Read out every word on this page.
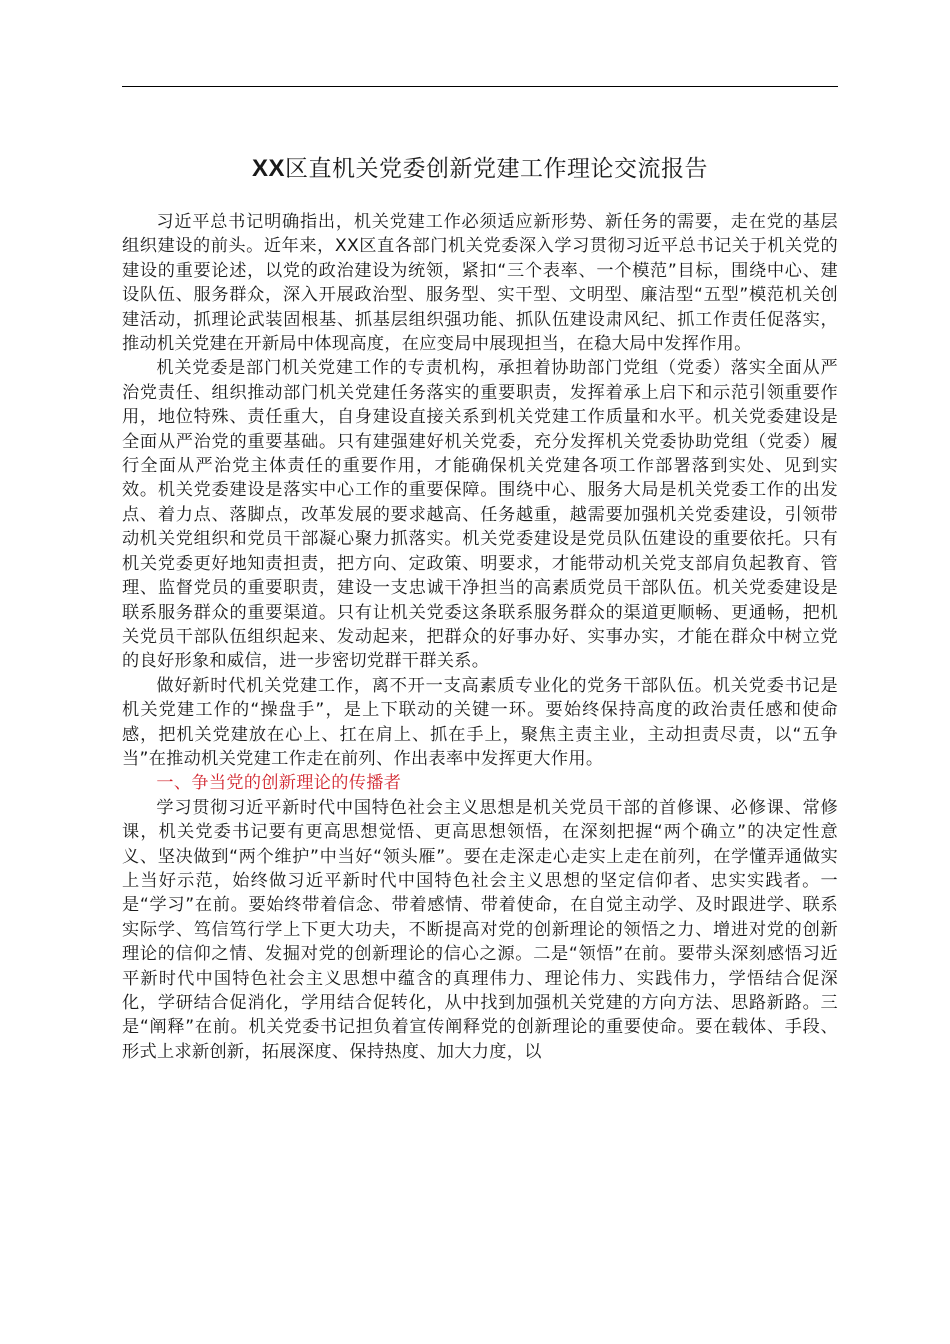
XX区直机关党委创新党建工作理论交流报告

习近平总书记明确指出，机关党建工作必须适应新形势、新任务的需要，走在党的基层组织建设的前头。近年来，XX区直各部门机关党委深入学习贯彻习近平总书记关于机关党的建设的重要论述，以党的政治建设为统领，紧扣“三个表率、一个模范”目标，围绕中心、建设队伍、服务群众，深入开展政治型、服务型、实干型、文明型、廉洁型“五型”模范机关创建活动，抓理论武装固根基、抓基层组织强功能、抓队伍建设肃风纪、抓工作责任促落实，推动机关党建在开新局中体现高度，在应变局中展现担当，在稳大局中发挥作用。

机关党委是部门机关党建工作的专责机构，承担着协助部门党组（党委）落实全面从严治党责任、组织推动部门机关党建任务落实的重要职责，发挥着承上启下和示范引领重要作用，地位特殊、责任重大，自身建设直接关系到机关党建工作质量和水平。机关党委建设是全面从严治党的重要基础。只有建强建好机关党委，充分发挥机关党委协助党组（党委）履行全面从严治党主体责任的重要作用，才能确保机关党建各项工作部署落到实处、见到实效。机关党委建设是落实中心工作的重要保障。围绕中心、服务大局是机关党委工作的出发点、着力点、落脚点，改革发展的要求越高、任务越重，越需要加强机关党委建设，引领带动机关党组织和党员干部凝心聚力抓落实。机关党委建设是党员队伍建设的重要依托。只有机关党委更好地知责担责，把方向、定政策、明要求，才能带动机关党支部肩负起教育、管理、监督党员的重要职责，建设一支忠诚干净担当的高素质党员干部队伍。机关党委建设是联系服务群众的重要渠道。只有让机关党委这条联系服务群众的渠道更顺畅、更通畅，把机关党员干部队伍组织起来、发动起来，把群众的好事办好、实事办实，才能在群众中树立党的良好形象和威信，进一步密切党群干群关系。

做好新时代机关党建工作，离不开一支高素质专业化的党务干部队伍。机关党委书记是机关党建工作的“操盘手”，是上下联动的关键一环。要始终保持高度的政治责任感和使命感，把机关党建放在心上、扛在肩上、抓在手上，聚焦主责主业，主动担责尽责，以“五争当”在推动机关党建工作走在前列、作出表率中发挥更大作用。

一、争当党的创新理论的传播者

学习贯彻习近平新时代中国特色社会主义思想是机关党员干部的首修课、必修课、常修课，机关党委书记要有更高思想觉悟、更高思想领悟，在深刻把握“两个确立”的决定性意义、坚决做到“两个维护”中当好“领头雁”。要在走深走心走实上走在前列，在学懂弄通做实上当好示范，始终做习近平新时代中国特色社会主义思想的坚定信仰者、忠实实践者。一是“学习”在前。要始终带着信念、带着感情、带着使命，在自觉主动学、及时跟进学、联系实际学、笃信笃行学上下更大功夫，不断提高对党的创新理论的领悟之力、增进对党的创新理论的信仰之情、发掘对党的创新理论的信心之源。二是“领悟”在前。要带头深刻感悟习近平新时代中国特色社会主义思想中蕴含的真理伟力、理论伟力、实践伟力，学悟结合促深化，学研结合促消化，学用结合促转化，从中找到加强机关党建的方向方法、思路新路。三是“阐释”在前。机关党委书记担负着宣传阐释党的创新理论的重要使命。要在载体、手段、形式上求新创新，拓展深度、保持热度、加大力度，以
